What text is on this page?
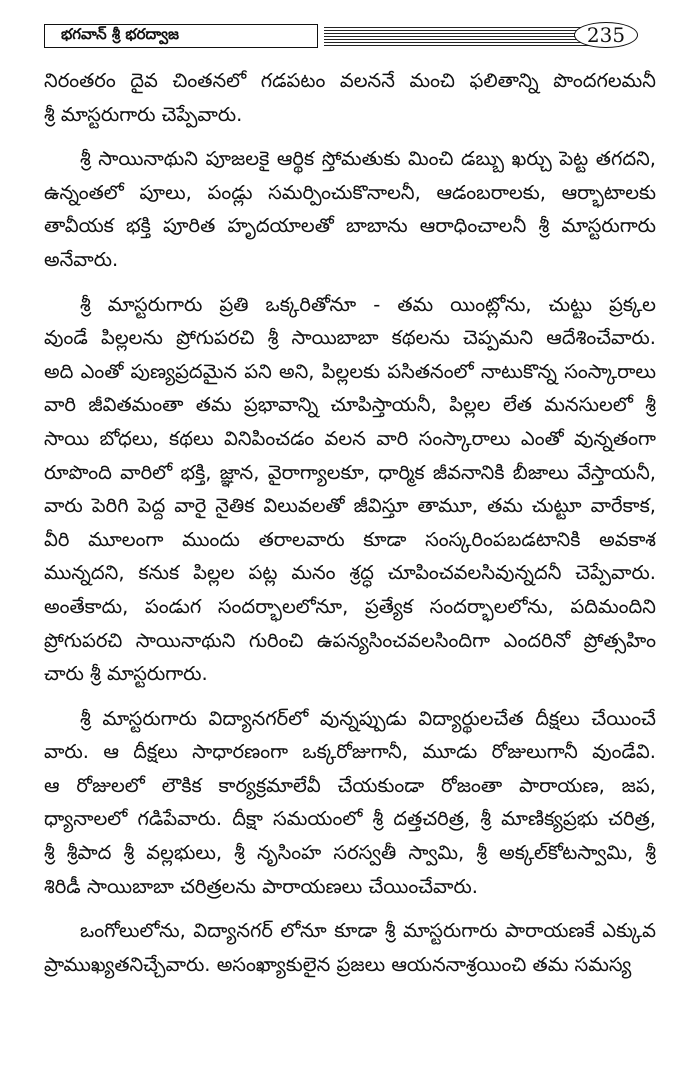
భగవాన్ శ్రీ భరద్వాజ	235
నిరంతరం దైవ చింతనలో గడపటం వలననే మంచి ఫలితాన్ని పొందగలమనీ
శ్రీ మాస్టరుగారు చెప్పేవారు.
శ్రీ సాయినాథుని పూజలకై ఆర్థిక స్తోమతుకు మించి డబ్బు ఖర్చు పెట్ట తగదని,
ఉన్నంతలో పూలు, పండ్లు సమర్పించుకొనాలనీ, ఆడంబరాలకు, ఆర్భాటాలకు
తావీయక భక్తి పూరిత హృదయాలతో బాబాను ఆరాధించాలనీ శ్రీ మాస్టరుగారు
అనేవారు.
శ్రీ మాస్టరుగారు ప్రతి ఒక్కరితోనూ - తమ యింట్లోను, చుట్టు ప్రక్కల
వుండే పిల్లలను ప్రోగుపరచి శ్రీ సాయిబాబా కథలను చెప్పమని ఆదేశించేవారు.
అది ఎంతో పుణ్యప్రదమైన పని అని, పిల్లలకు పసితనంలో నాటుకొన్న సంస్కారాలు
వారి జీవితమంతా తమ ప్రభావాన్ని చూపిస్తాయనీ, పిల్లల లేత మనసులలో శ్రీ
సాయి బోధలు, కథలు వినిపించడం వలన వారి సంస్కారాలు ఎంతో వున్నతంగా
రూపొంది వారిలో భక్తి, జ్ఞాన, వైరాగ్యాలకూ, ధార్మిక జీవనానికి బీజాలు వేస్తాయనీ,
వారు పెరిగి పెద్ద వారై నైతిక విలువలతో జీవిస్తూ తామూ, తమ చుట్టూ వారేకాక,
వీరి మూలంగా ముందు తరాలవారు కూడా సంస్కరింపబడటానికి అవకాశ
మున్నదని, కనుక పిల్లల పట్ల మనం శ్రద్ధ చూపించవలసివున్నదనీ చెప్పేవారు.
అంతేకాదు, పండుగ సందర్భాలలోనూ, ప్రత్యేక సందర్భాలలోను, పదిమందిని
ప్రోగుపరచి సాయినాథుని గురించి ఉపన్యసించవలసిందిగా ఎందరినో ప్రోత్సహిం
చారు శ్రీ మాస్టరుగారు.
శ్రీ మాస్టరుగారు విద్యానగర్‌లో వున్నప్పుడు విద్యార్థులచేత దీక్షలు చేయించే
వారు. ఆ దీక్షలు సాధారణంగా ఒక్కరోజుగానీ, మూడు రోజులుగానీ వుండేవి.
ఆ రోజులలో లౌకిక కార్యక్రమాలేవీ చేయకుండా రోజంతా పారాయణ, జప,
ధ్యానాలలో గడిపేవారు. దీక్షా సమయంలో శ్రీ దత్తచరిత్ర, శ్రీ మాణిక్యప్రభు చరిత్ర,
శ్రీ శ్రీపాద శ్రీ వల్లభులు, శ్రీ నృసింహ సరస్వతీ స్వామి, శ్రీ అక్కల్‌కోటస్వామి, శ్రీ
శిరిడీ సాయిబాబా చరిత్రలను పారాయణలు చేయించేవారు.
ఒంగోలులోను, విద్యానగర్ లోనూ కూడా శ్రీ మాస్టరుగారు పారాయణకే ఎక్కువ
ప్రాముఖ్యతనిచ్చేవారు. అసంఖ్యాకులైన ప్రజలు ఆయననాశ్రయించి తమ సమస్య
